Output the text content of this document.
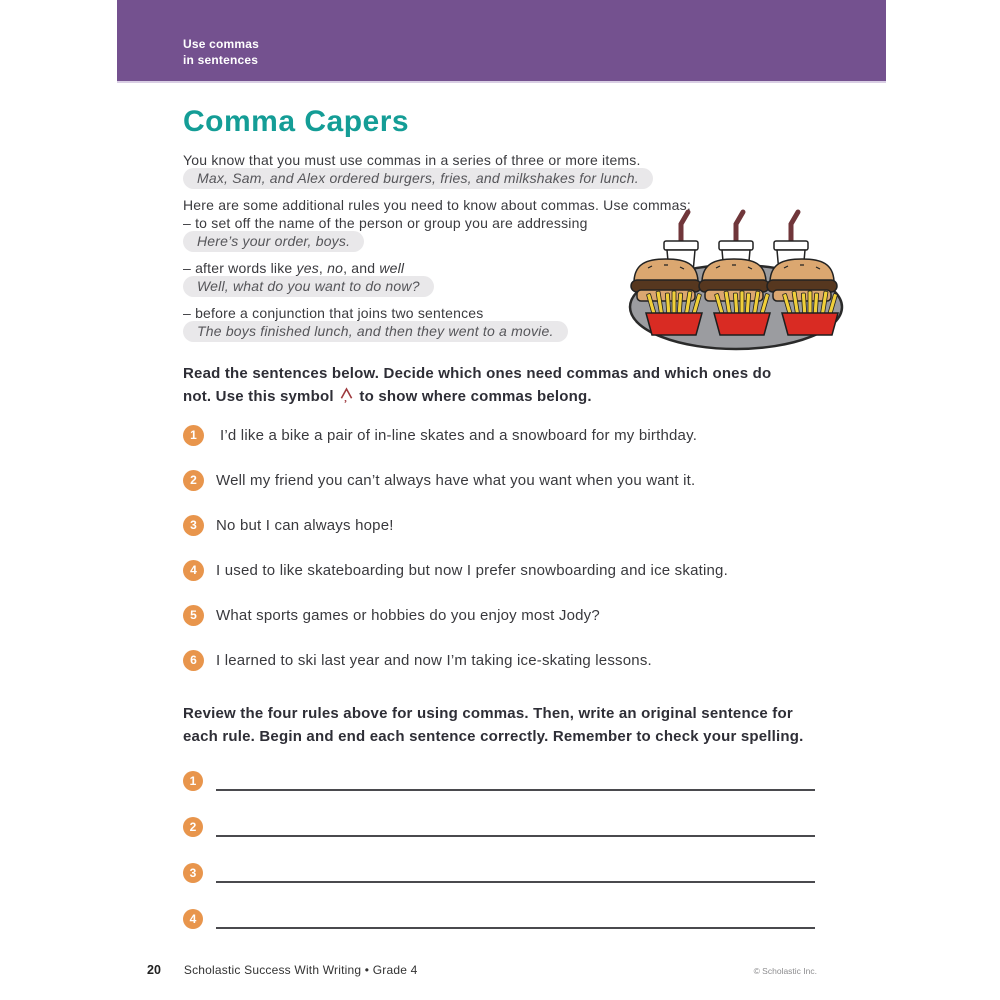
Use commas
in sentences
Comma Capers

You know that you must use commas in a series of three or more items.

Max, Sam, and Alex ordered burgers, fries, and milkshakes for lunch.

Here are some additional rules you need to know about commas. Use commas:

– to set off the name of the person or group you are addressing

Here’s your order, boys.

– after words like yes, no, and well

Well, what do you want to do now?

– before a conjunction that joins two sentences

The boys finished lunch, and then they went to a movie.
Read the sentences below. Decide which ones need commas and which ones do
not. Use this symbol , to show where commas belong.
1	I’d like a bike a pair of in-line skates and a snowboard for my birthday.
2	Well my friend you can’t always have what you want when you want it.
3	No but I can always hope!
4	I used to like skateboarding but now I prefer snowboarding and ice skating.
5	What sports games or hobbies do you enjoy most Jody?
6	I learned to ski last year and now I’m taking ice-skating lessons.
Review the four rules above for using commas. Then, write an original sentence for
each rule. Begin and end each sentence correctly. Remember to check your spelling.
1
2
3
4
20 Scholastic Success With Writing • Grade 4	© Scholastic Inc.
